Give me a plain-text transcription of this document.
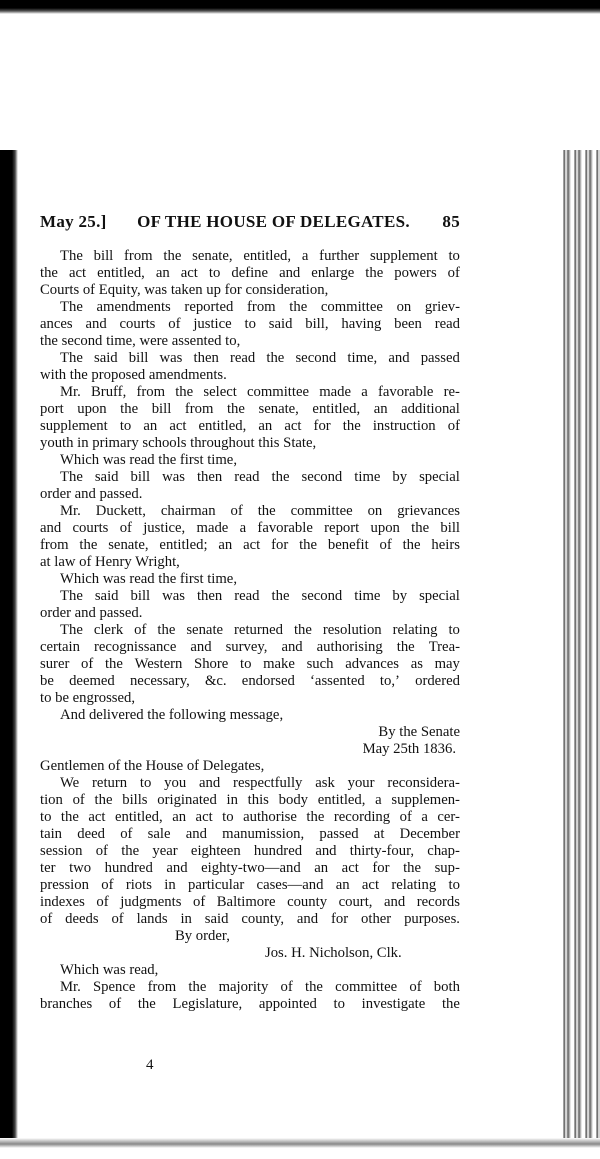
May 25.]	OF THE HOUSE OF DELEGATES.	85
The bill from the senate, entitled, a further supplement to
the act entitled, an act to define and enlarge the powers of
Courts of Equity, was taken up for consideration,
The amendments reported from the committee on griev-
ances and courts of justice to said bill, having been read
the second time, were assented to,
The said bill was then read the second time, and passed
with the proposed amendments.
Mr. Bruff, from the select committee made a favorable re-
port upon the bill from the senate, entitled, an additional
supplement to an act entitled, an act for the instruction of
youth in primary schools throughout this State,
Which was read the first time,
The said bill was then read the second time by special
order and passed.
Mr. Duckett, chairman of the committee on grievances
and courts of justice, made a favorable report upon the bill
from the senate, entitled; an act for the benefit of the heirs
at law of Henry Wright,
Which was read the first time,
The said bill was then read the second time by special
order and passed.
The clerk of the senate returned the resolution relating to
certain recognissance and survey, and authorising the Trea-
surer of the Western Shore to make such advances as may
be deemed necessary, &c. endorsed ‘assented to,’ ordered
to be engrossed,
And delivered the following message,
By the Senate
May 25th 1836.
Gentlemen of the House of Delegates,
We return to you and respectfully ask your reconsidera-
tion of the bills originated in this body entitled, a supplemen-
to the act entitled, an act to authorise the recording of a cer-
tain deed of sale and manumission, passed at December
session of the year eighteen hundred and thirty-four, chap-
ter two hundred and eighty-two—and an act for the sup-
pression of riots in particular cases—and an act relating to
indexes of judgments of Baltimore county court, and records
of deeds of lands in said county, and for other purposes.
By order,
Jos. H. Nicholson, Clk.
Which was read,
Mr. Spence from the majority of the committee of both
branches of the Legislature, appointed to investigate the
4
